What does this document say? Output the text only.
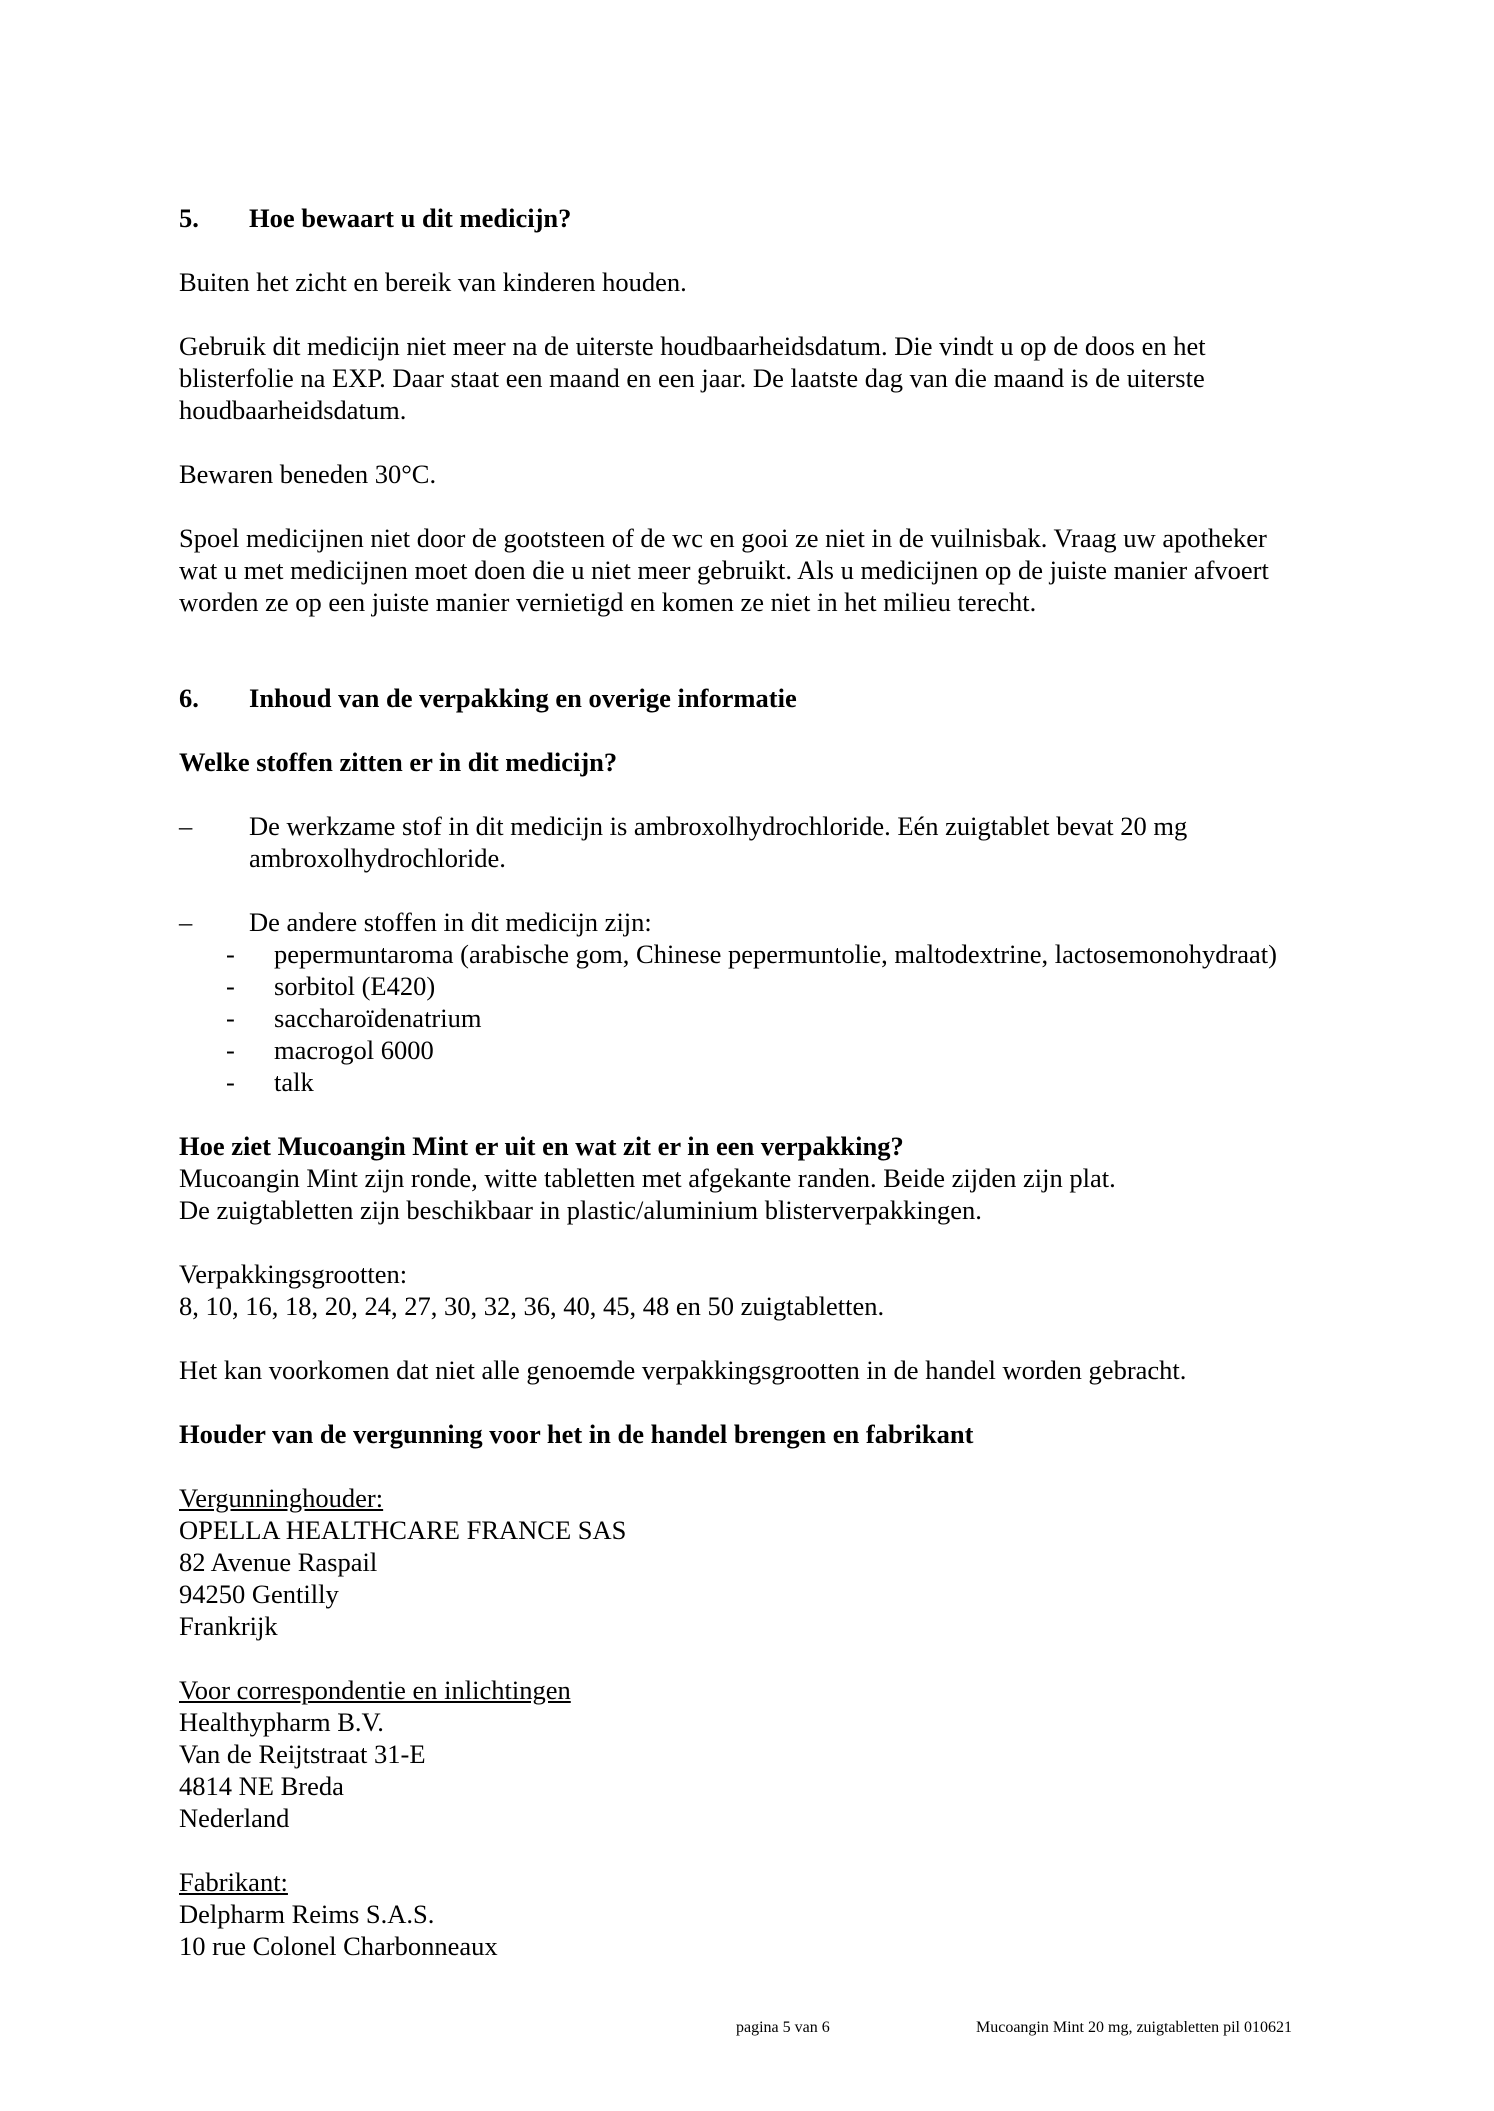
5.	Hoe bewaart u dit medicijn?

Buiten het zicht en bereik van kinderen houden.

Gebruik dit medicijn niet meer na de uiterste houdbaarheidsdatum. Die vindt u op de doos en het
blisterfolie na EXP. Daar staat een maand en een jaar. De laatste dag van die maand is de uiterste
houdbaarheidsdatum.

Bewaren beneden 30°C.

Spoel medicijnen niet door de gootsteen of de wc en gooi ze niet in de vuilnisbak. Vraag uw apotheker
wat u met medicijnen moet doen die u niet meer gebruikt. Als u medicijnen op de juiste manier afvoert
worden ze op een juiste manier vernietigd en komen ze niet in het milieu terecht.

6.	Inhoud van de verpakking en overige informatie

Welke stoffen zitten er in dit medicijn?

–	De werkzame stof in dit medicijn is ambroxolhydrochloride. Eén zuigtablet bevat 20 mg
ambroxolhydrochloride.
–	De andere stoffen in dit medicijn zijn:
-	pepermuntaroma (arabische gom, Chinese pepermuntolie, maltodextrine, lactosemonohydraat)
-	sorbitol (E420)
-	saccharoïdenatrium
-	macrogol 6000
-	talk

Hoe ziet Mucoangin Mint er uit en wat zit er in een verpakking?

Mucoangin Mint zijn ronde, witte tabletten met afgekante randen. Beide zijden zijn plat.
De zuigtabletten zijn beschikbaar in plastic/aluminium blisterverpakkingen.

Verpakkingsgrootten:
8, 10, 16, 18, 20, 24, 27, 30, 32, 36, 40, 45, 48 en 50 zuigtabletten.

Het kan voorkomen dat niet alle genoemde verpakkingsgrootten in de handel worden gebracht.

Houder van de vergunning voor het in de handel brengen en fabrikant

Vergunninghouder:
OPELLA HEALTHCARE FRANCE SAS
82 Avenue Raspail
94250 Gentilly
Frankrijk

Voor correspondentie en inlichtingen
Healthypharm B.V.
Van de Reijtstraat 31-E
4814 NE Breda
Nederland

Fabrikant:
Delpharm Reims S.A.S.
10 rue Colonel Charbonneaux

pagina 5 van 6	Mucoangin Mint 20 mg, zuigtabletten pil 010621
